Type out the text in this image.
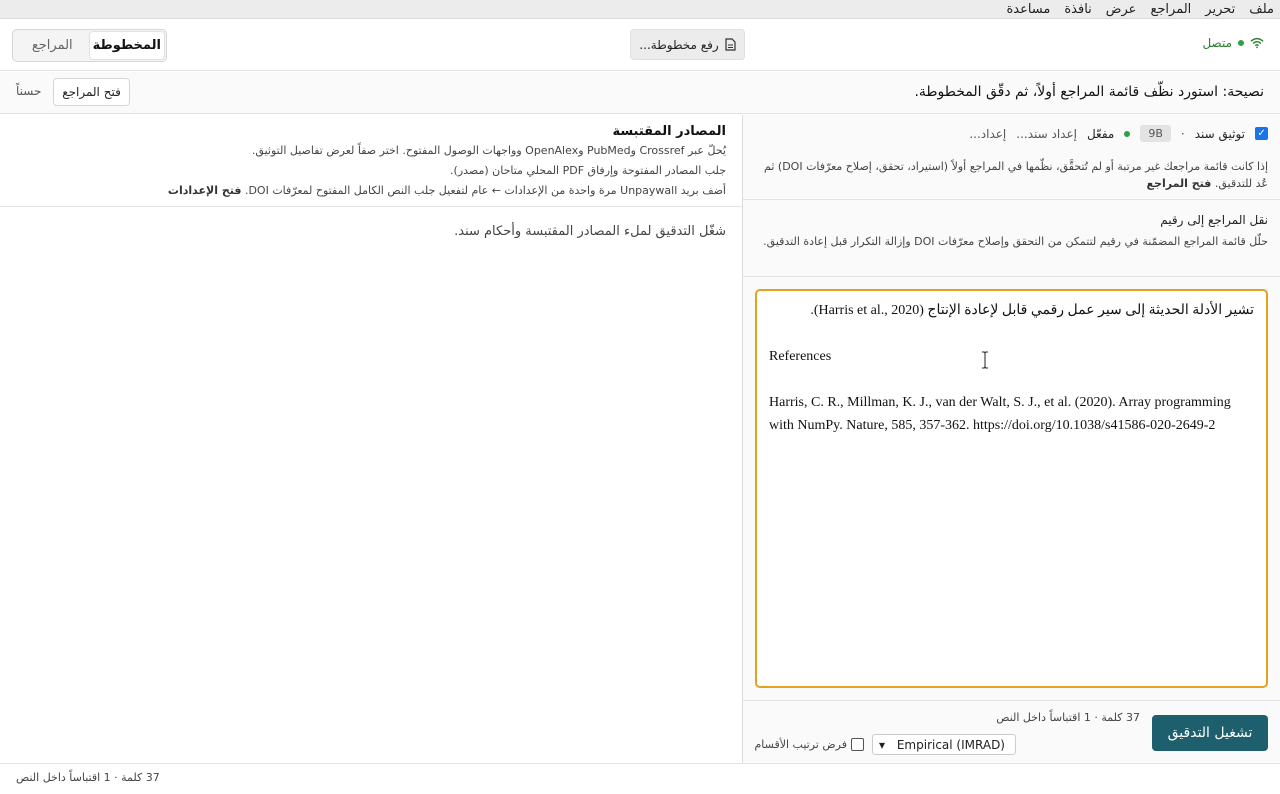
ملف
تحرير
المراجع
عرض
نافذة
مساعدة
متصل
رفع مخطوطة...
المخطوطة
المراجع
نصيحة: استورد نظّف قائمة المراجع أولاً، ثم دقّق المخطوطة.
فتح المراجع
حسناً
✓
توثيق سند
·
9B
مفعّل
إعداد سند...
إعداد...
إذا كانت قائمة مراجعك غير مرتبة أو لم تُتحقَّق، نظّمها في المراجع أولاً (استيراد، تحقق، إصلاح معرّفات DOI) ثم عُد للتدقيق. فتح المراجع
نقل المراجع إلى رقيم
حلّل قائمة المراجع المضمّنة في رقيم لتتمكن من التحقق وإصلاح معرّفات DOI وإزالة التكرار قبل إعادة التدقيق.

تشير الأدلة الحديثة إلى سير عمل رقمي قابل لإعادة الإنتاج (Harris et al., 2020).

References

Harris, C. R., Millman, K. J., van der Walt, S. J., et al. (2020). Array programming with NumPy. Nature, 585, 357-362. https://doi.org/10.1038/s41586-020-2649-2

تشغيل التدقيق
37 كلمة · 1 اقتباساً داخل النص
Empirical (IMRAD)
▾
فرض ترتيب الأقسام
المصادر المقتبسة
يُحلّ عبر Crossref وPubMed وOpenAlex وواجهات الوصول المفتوح. اختر صفاً لعرض تفاصيل التوثيق.
جلب المصادر المفتوحة وإرفاق PDF المحلي متاحان (مصدر).
أضف بريد Unpaywall مرة واحدة من الإعدادات ← عام لتفعيل جلب النص الكامل المفتوح لمعرّفات DOI. فتح الإعدادات
شغّل التدقيق لملء المصادر المقتبسة وأحكام سند.
37 كلمة · 1 اقتباساً داخل النص
